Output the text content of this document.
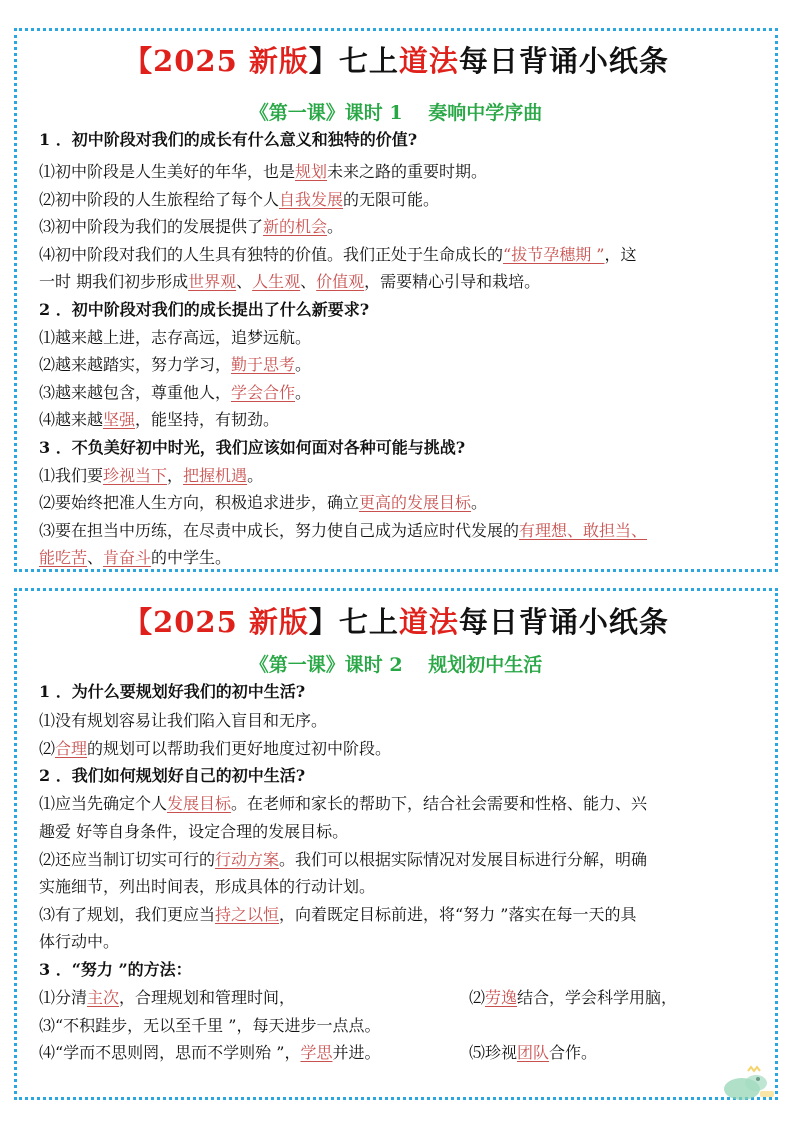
【2025 新版】七上道法每日背诵小纸条
《第一课》课时 1　 奏响中学序曲
1 ．初中阶段对我们的成长有什么意义和独特的价值?
⑴初中阶段是人生美好的年华，也是规划未来之路的重要时期。
⑵初中阶段的人生旅程给了每个人自我发展的无限可能。
⑶初中阶段为我们的发展提供了新的机会。
⑷初中阶段对我们的人生具有独特的价值。我们正处于生命成长的“拔节孕穗期 ”，这
一时 期我们初步形成世界观、人生观、价值观，需要精心引导和栽培。
2 ．初中阶段对我们的成长提出了什么新要求?
⑴越来越上进，志存高远，追梦远航。
⑵越来越踏实，努力学习，勤于思考。
⑶越来越包含，尊重他人，学会合作。
⑷越来越坚强，能坚持，有韧劲。
3 ．不负美好初中时光，我们应该如何面对各种可能与挑战?
⑴我们要珍视当下，把握机遇。
⑵要始终把准人生方向，积极追求进步，确立更高的发展目标。
⑶要在担当中历练，在尽责中成长，努力使自己成为适应时代发展的有理想、敢担当、
能吃苦、肯奋斗的中学生。
【2025 新版】七上道法每日背诵小纸条
《第一课》课时 2　 规划初中生活
1 ．为什么要规划好我们的初中生活?
⑴没有规划容易让我们陷入盲目和无序。
⑵合理的规划可以帮助我们更好地度过初中阶段。
2 ．我们如何规划好自己的初中生活?
⑴应当先确定个人发展目标。在老师和家长的帮助下，结合社会需要和性格、能力、兴
趣爱 好等自身条件，设定合理的发展目标。
⑵还应当制订切实可行的行动方案。我们可以根据实际情况对发展目标进行分解，明确
实施细节，列出时间表，形成具体的行动计划。
⑶有了规划，我们更应当持之以恒，向着既定目标前进，将“努力 ”落实在每一天的具
体行动中。
3 ．“努力 ”的方法：
⑴分清主次，合理规划和管理时间，	⑵劳逸结合，学会科学用脑，
⑶“不积跬步，无以至千里 ”，每天进步一点点。
⑷“学而不思则罔，思而不学则殆 ”，学思并进。	⑸珍视团队合作。
